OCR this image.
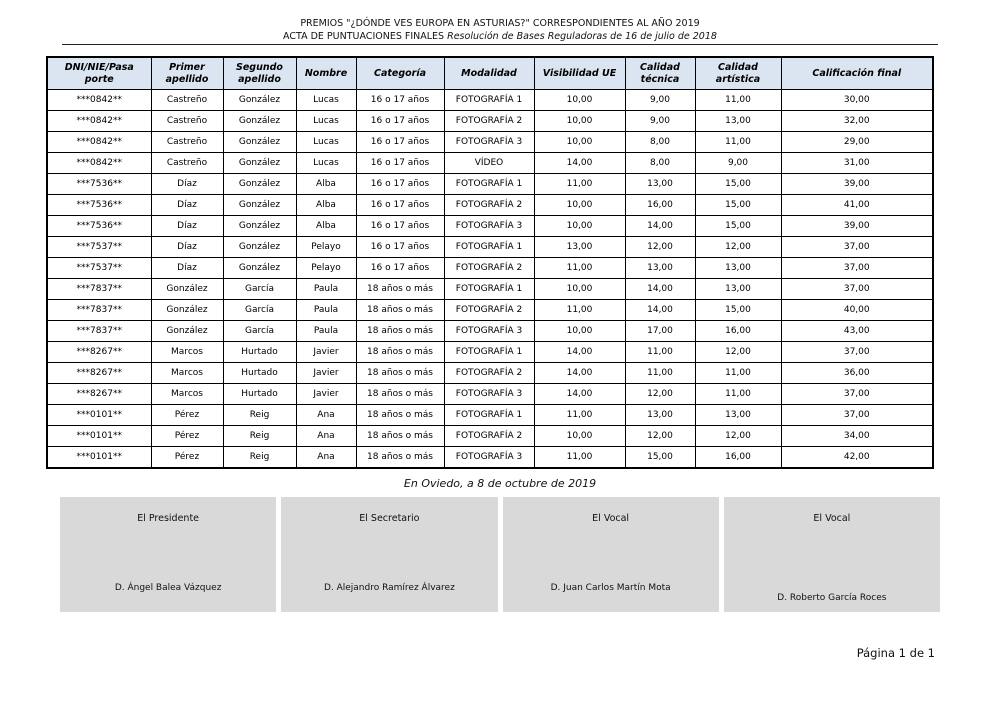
PREMIOS "¿DÓNDE VES EUROPA EN ASTURIAS?" CORRESPONDIENTES AL AÑO 2019
ACTA DE PUNTUACIONES FINALES Resolución de Bases Reguladoras de 16 de julio de 2018
DNI/NIE/Pasa porte	Primer apellido	Segundo apellido	Nombre	Categoría	Modalidad	Visibilidad UE	Calidad técnica	Calidad artística	Calificación final
***0842**	Castreño	González	Lucas	16 o 17 años	FOTOGRAFÍA 1	10,00	9,00	11,00	30,00
***0842**	Castreño	González	Lucas	16 o 17 años	FOTOGRAFÍA 2	10,00	9,00	13,00	32,00
***0842**	Castreño	González	Lucas	16 o 17 años	FOTOGRAFÍA 3	10,00	8,00	11,00	29,00
***0842**	Castreño	González	Lucas	16 o 17 años	VÍDEO	14,00	8,00	9,00	31,00
***7536**	Díaz	González	Alba	16 o 17 años	FOTOGRAFÍA 1	11,00	13,00	15,00	39,00
***7536**	Díaz	González	Alba	16 o 17 años	FOTOGRAFÍA 2	10,00	16,00	15,00	41,00
***7536**	Díaz	González	Alba	16 o 17 años	FOTOGRAFÍA 3	10,00	14,00	15,00	39,00
***7537**	Díaz	González	Pelayo	16 o 17 años	FOTOGRAFÍA 1	13,00	12,00	12,00	37,00
***7537**	Díaz	González	Pelayo	16 o 17 años	FOTOGRAFÍA 2	11,00	13,00	13,00	37,00
***7837**	González	García	Paula	18 años o más	FOTOGRAFÍA 1	10,00	14,00	13,00	37,00
***7837**	González	García	Paula	18 años o más	FOTOGRAFÍA 2	11,00	14,00	15,00	40,00
***7837**	González	García	Paula	18 años o más	FOTOGRAFÍA 3	10,00	17,00	16,00	43,00
***8267**	Marcos	Hurtado	Javier	18 años o más	FOTOGRAFÍA 1	14,00	11,00	12,00	37,00
***8267**	Marcos	Hurtado	Javier	18 años o más	FOTOGRAFÍA 2	14,00	11,00	11,00	36,00
***8267**	Marcos	Hurtado	Javier	18 años o más	FOTOGRAFÍA 3	14,00	12,00	11,00	37,00
***0101**	Pérez	Reig	Ana	18 años o más	FOTOGRAFÍA 1	11,00	13,00	13,00	37,00
***0101**	Pérez	Reig	Ana	18 años o más	FOTOGRAFÍA 2	10,00	12,00	12,00	34,00
***0101**	Pérez	Reig	Ana	18 años o más	FOTOGRAFÍA 3	11,00	15,00	16,00	42,00
En Oviedo, a 8 de octubre de 2019
El Presidente
D. Ángel Balea Vázquez
El Secretario
D. Alejandro Ramírez Álvarez
El Vocal
D. Juan Carlos Martín Mota
El Vocal
D. Roberto García Roces
Página 1 de 1
